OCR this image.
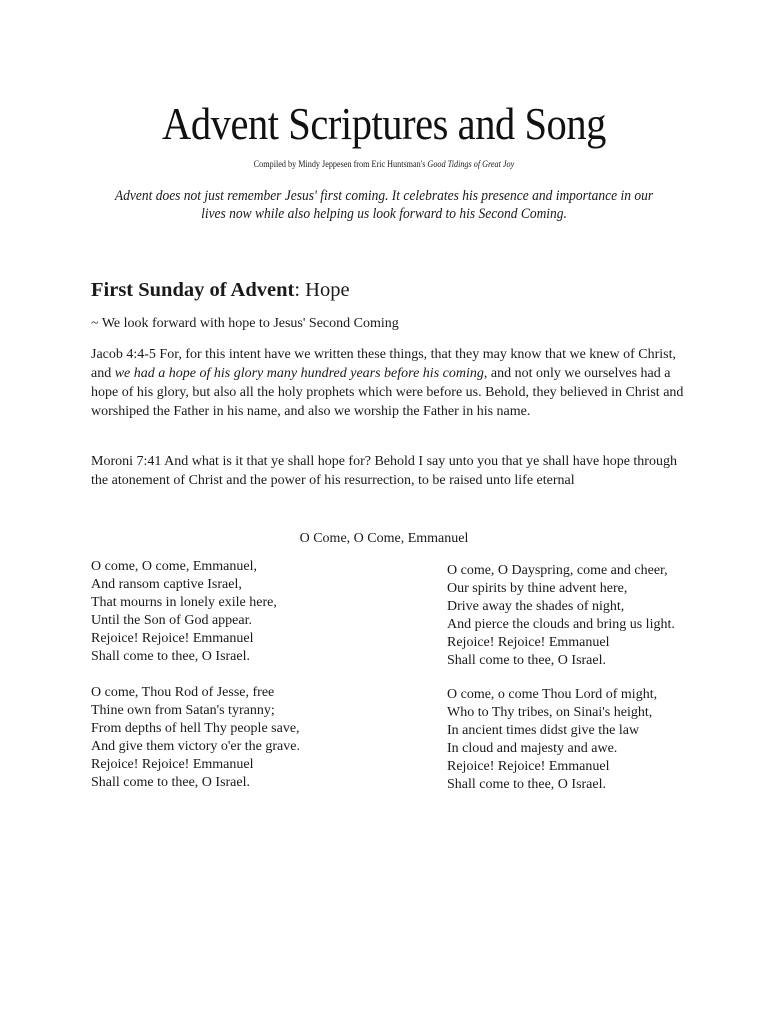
Advent Scriptures and Song
Compiled by Mindy Jeppesen from Eric Huntsman's Good Tidings of Great Joy
Advent does not just remember Jesus' first coming. It celebrates his presence and importance in our lives now while also helping us look forward to his Second Coming.
First Sunday of Advent: Hope
~ We look forward with hope to Jesus' Second Coming
Jacob 4:4-5 For, for this intent have we written these things, that they may know that we knew of Christ, and we had a hope of his glory many hundred years before his coming, and not only we ourselves had a hope of his glory, but also all the holy prophets which were before us. Behold, they believed in Christ and worshiped the Father in his name, and also we worship the Father in his name.
Moroni 7:41 And what is it that ye shall hope for? Behold I say unto you that ye shall have hope through the atonement of Christ and the power of his resurrection, to be raised unto life eternal
O Come, O Come, Emmanuel
O come, O come, Emmanuel,
And ransom captive Israel,
That mourns in lonely exile here,
Until the Son of God appear.
Rejoice! Rejoice! Emmanuel
Shall come to thee, O Israel.
O come, Thou Rod of Jesse, free
Thine own from Satan's tyranny;
From depths of hell Thy people save,
And give them victory o'er the grave.
Rejoice! Rejoice! Emmanuel
Shall come to thee, O Israel.
O come, O Dayspring, come and cheer,
Our spirits by thine advent here,
Drive away the shades of night,
And pierce the clouds and bring us light.
Rejoice! Rejoice! Emmanuel
Shall come to thee, O Israel.
O come, o come Thou Lord of might,
Who to Thy tribes, on Sinai's height,
In ancient times didst give the law
In cloud and majesty and awe.
Rejoice! Rejoice! Emmanuel
Shall come to thee, O Israel.
